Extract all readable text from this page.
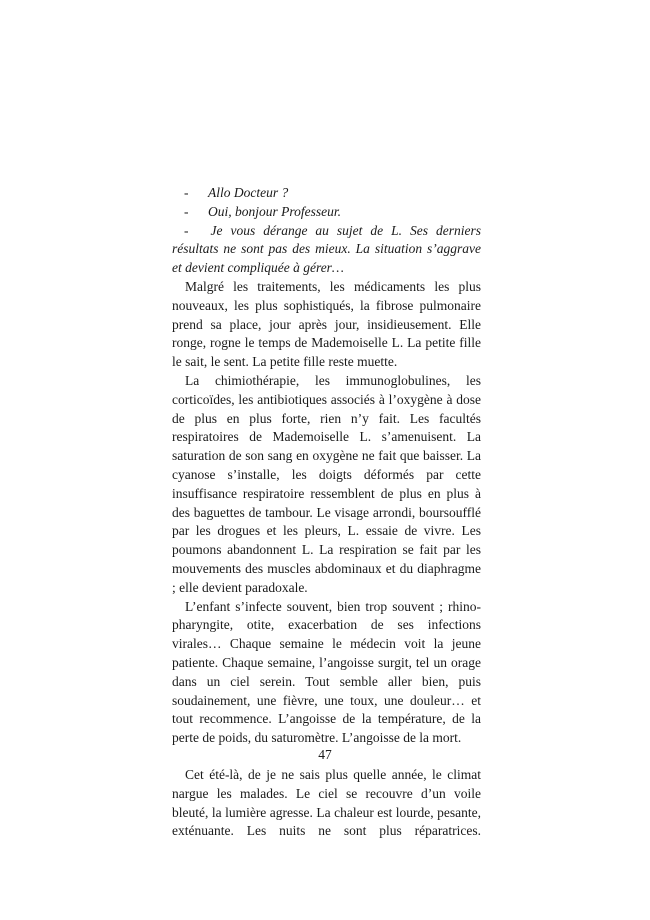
- Allo Docteur ?

- Oui, bonjour Professeur.

- Je vous dérange au sujet de L. Ses derniers résultats ne sont pas des mieux. La situation s’aggrave et devient compliquée à gérer…

Malgré les traitements, les médicaments les plus nouveaux, les plus sophistiqués, la fibrose pulmonaire prend sa place, jour après jour, insidieusement. Elle ronge, rogne le temps de Mademoiselle L. La petite fille le sait, le sent. La petite fille reste muette.

La chimiothérapie, les immunoglobulines, les corticoïdes, les antibiotiques associés à l’oxygène à dose de plus en plus forte, rien n’y fait. Les facultés respiratoires de Mademoiselle L. s’amenuisent. La saturation de son sang en oxygène ne fait que baisser. La cyanose s’installe, les doigts déformés par cette insuffisance respiratoire ressemblent de plus en plus à des baguettes de tambour. Le visage arrondi, boursoufflé par les drogues et les pleurs, L. essaie de vivre. Les poumons abandonnent L. La respiration se fait par les mouvements des muscles abdominaux et du diaphragme ; elle devient paradoxale.

L’enfant s’infecte souvent, bien trop souvent ; rhino-pharyngite, otite, exacerbation de ses infections virales… Chaque semaine le médecin voit la jeune patiente. Chaque semaine, l’angoisse surgit, tel un orage dans un ciel serein. Tout semble aller bien, puis soudainement, une fièvre, une toux, une douleur… et tout recommence. L’angoisse de la température, de la perte de poids, du saturomètre. L’angoisse de la mort.

Cet été-là, de je ne sais plus quelle année, le climat nargue les malades. Le ciel se recouvre d’un voile bleuté, la lumière agresse. La chaleur est lourde, pesante, exténuante. Les nuits ne sont plus réparatrices.

47
